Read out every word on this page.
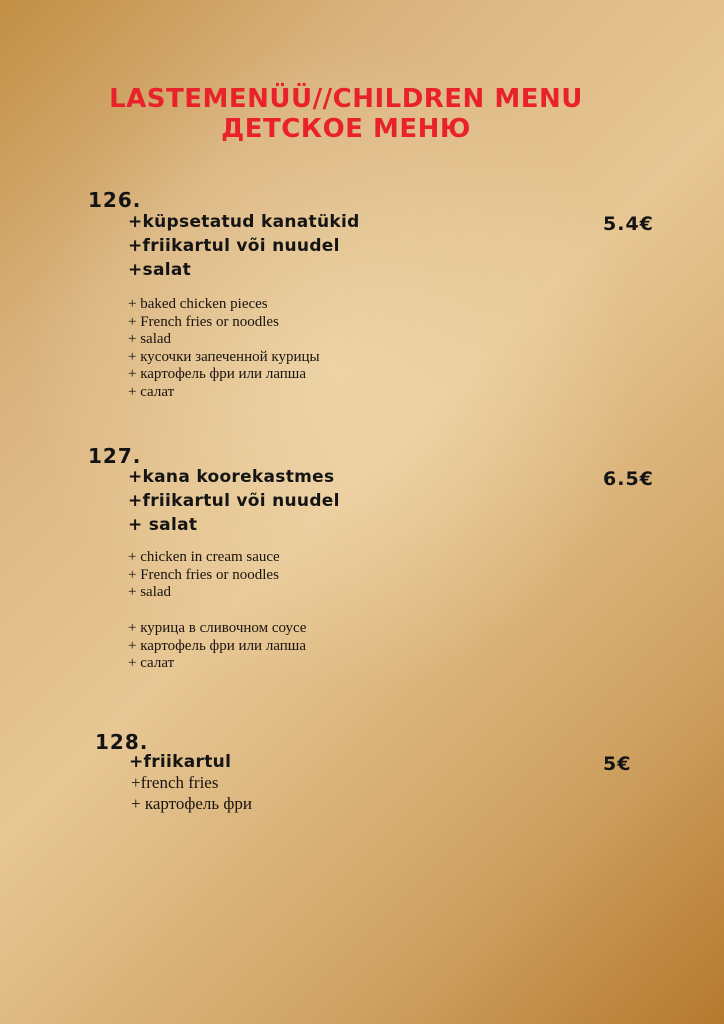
LASTEMENÜÜ//CHILDREN MENU
ДЕТСКОЕ МЕНЮ
126.
+küpsetatud kanatükid
+friikartul või nuudel
+salat
5.4€
+ baked chicken pieces
+ French fries or noodles
+ salad
+ кусочки запеченной курицы
+ картофель фри или лапша
+ салат
127.
+kana koorekastmes
+friikartul või nuudel
+ salat
6.5€
+ chicken in cream sauce
+ French fries or noodles
+ salad
+ курица в сливочном соусе
+ картофель фри или лапша
+ салат
128.
+friikartul	5€
+french fries
+ картофель фри
